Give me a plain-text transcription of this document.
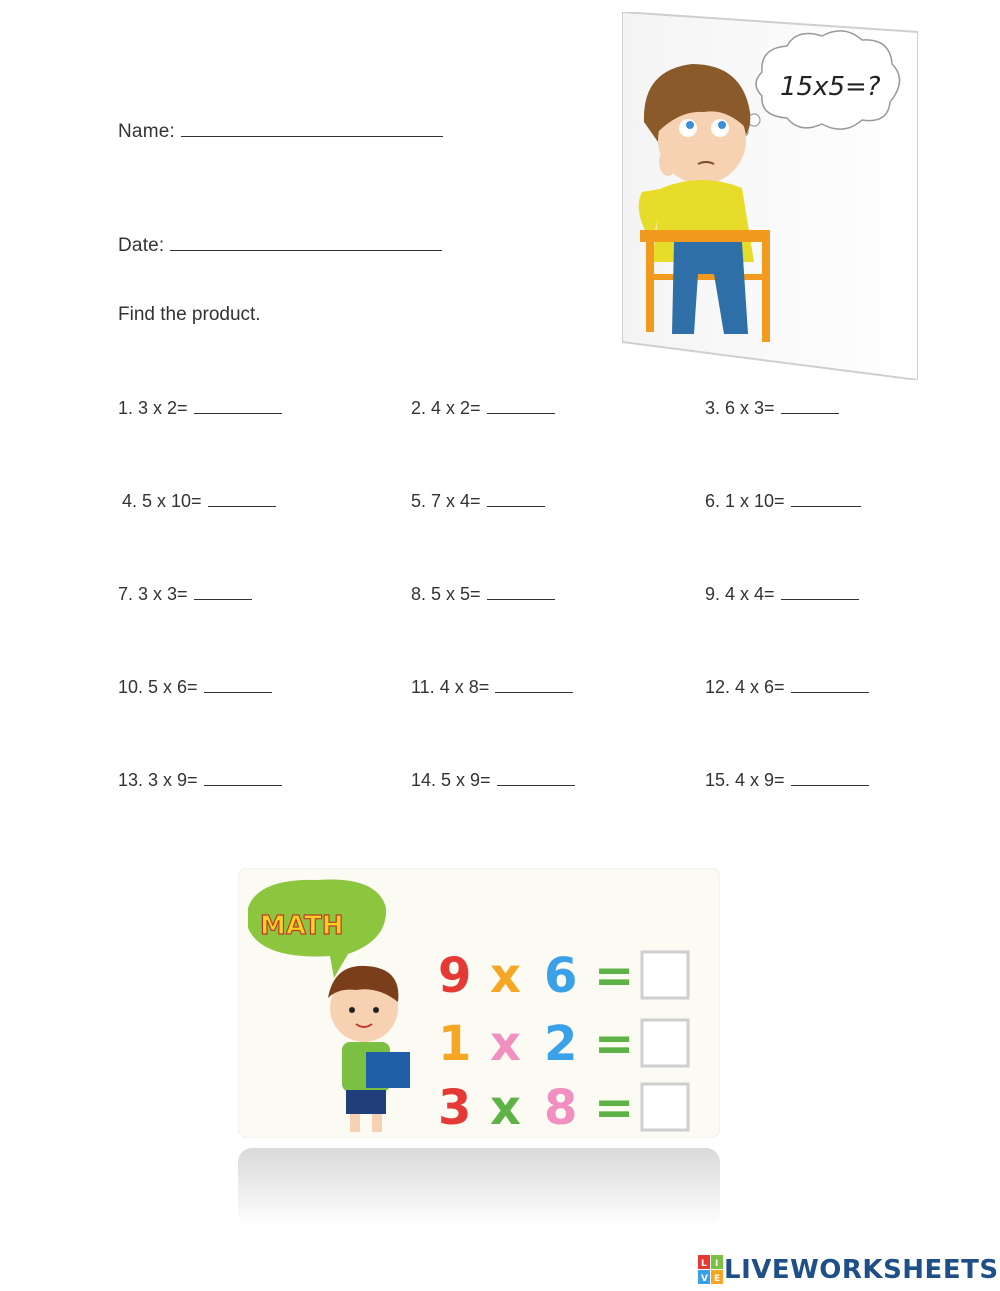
Name:
Date:
Find the product.
15x5=?
1. 3 x 2=	2. 4 x 2=	3. 6 x 3=
4. 5 x 10=	5. 7 x 4=	6. 1 x 10=
7. 3 x 3=	8. 5 x 5=	9. 4 x 4=
10. 5 x 6=	11. 4 x 8=	12. 4 x 6=
13. 3 x 9=	14. 5 x 9=	15. 4 x 9=
MATH
9 x 6 =
1 x 2 =
3 x 8 =
L I
V E LIVEWORKSHEETS
